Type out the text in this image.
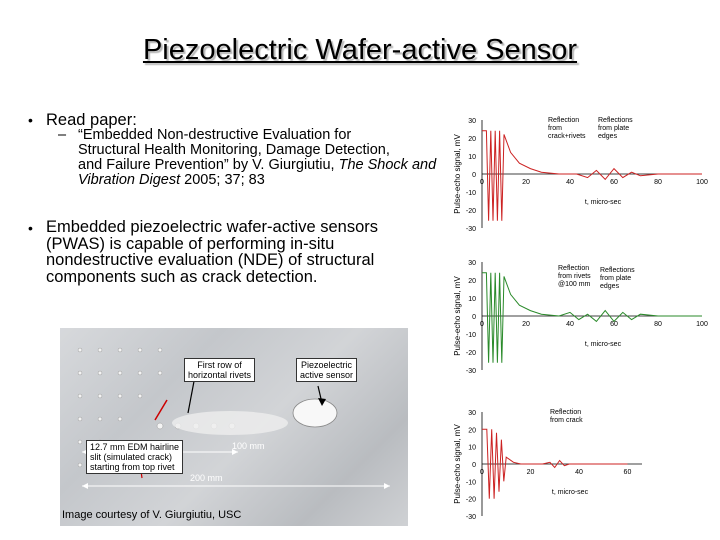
Piezoelectric Wafer-active Sensor
• Read paper:
– “Embedded Non-destructive Evaluation for
Structural Health Monitoring, Damage Detection,
and Failure Prevention” by V. Giurgiutiu, The Shock and Vibration Digest 2005; 37; 83
• Embedded piezoelectric wafer-active sensors
(PWAS) is capable of performing in-situ
nondestructive evaluation (NDE) of structural
components such as crack detection.
First row of
horizontal rivets
Piezoelectric
active sensor
12.7 mm EDM hairline
slit (simulated crack)
starting from top rivet
100 mm
200 mm
Image courtesy of V. Giurgiutiu, USC
Pulse-echo signal, mV
30
20
10
0
-10
-20
-30
0	20	40	60	80	100
t, micro-sec
Reflection from crack+rivets
Reflections from plate edges
Pulse-echo signal, mV
30
20
10
0
-10
-20
-30
0	20	40	60	80	100
t, micro-sec
Reflection from rivets @100 mm
Reflections from plate edges
Pulse-echo signal, mV
30
20
10
0
-10
-20
-30
0	20	40	60
t, micro-sec
Reflection from crack
